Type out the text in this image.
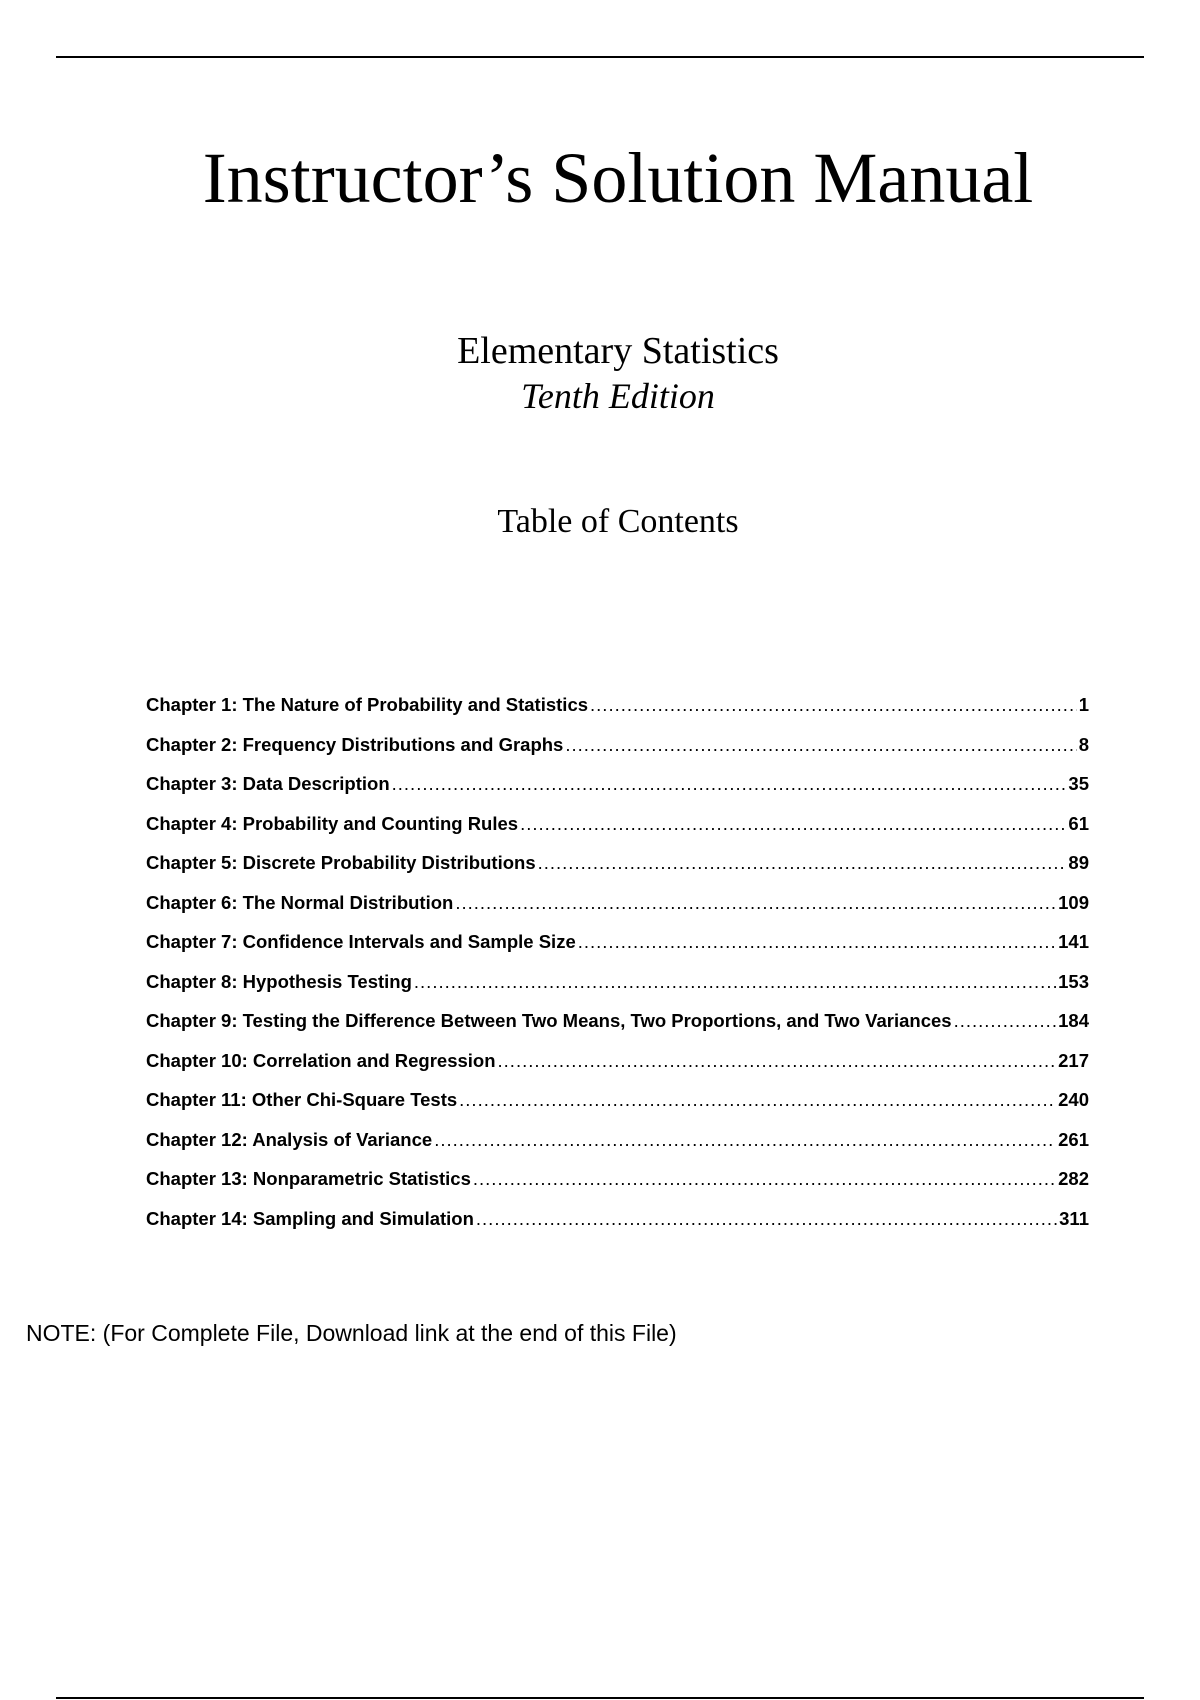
Instructor’s Solution Manual
Elementary Statistics
Tenth Edition
Table of Contents
Chapter 1: The Nature of Probability and Statistics .....	1
Chapter 2: Frequency Distributions and Graphs .....	8
Chapter 3: Data Description .....	35
Chapter 4: Probability and Counting Rules .....	61
Chapter 5: Discrete Probability Distributions .....	89
Chapter 6: The Normal Distribution .....	109
Chapter 7: Confidence Intervals and Sample Size .....	141
Chapter 8: Hypothesis Testing .....	153
Chapter 9: Testing the Difference Between Two Means, Two Proportions, and Two Variances .....	184
Chapter 10: Correlation and Regression .....	217
Chapter 11: Other Chi-Square Tests .....	240
Chapter 12: Analysis of Variance .....	261
Chapter 13: Nonparametric Statistics .....	282
Chapter 14: Sampling and Simulation .....	311
NOTE: (For Complete File, Download link at the end of this File)
